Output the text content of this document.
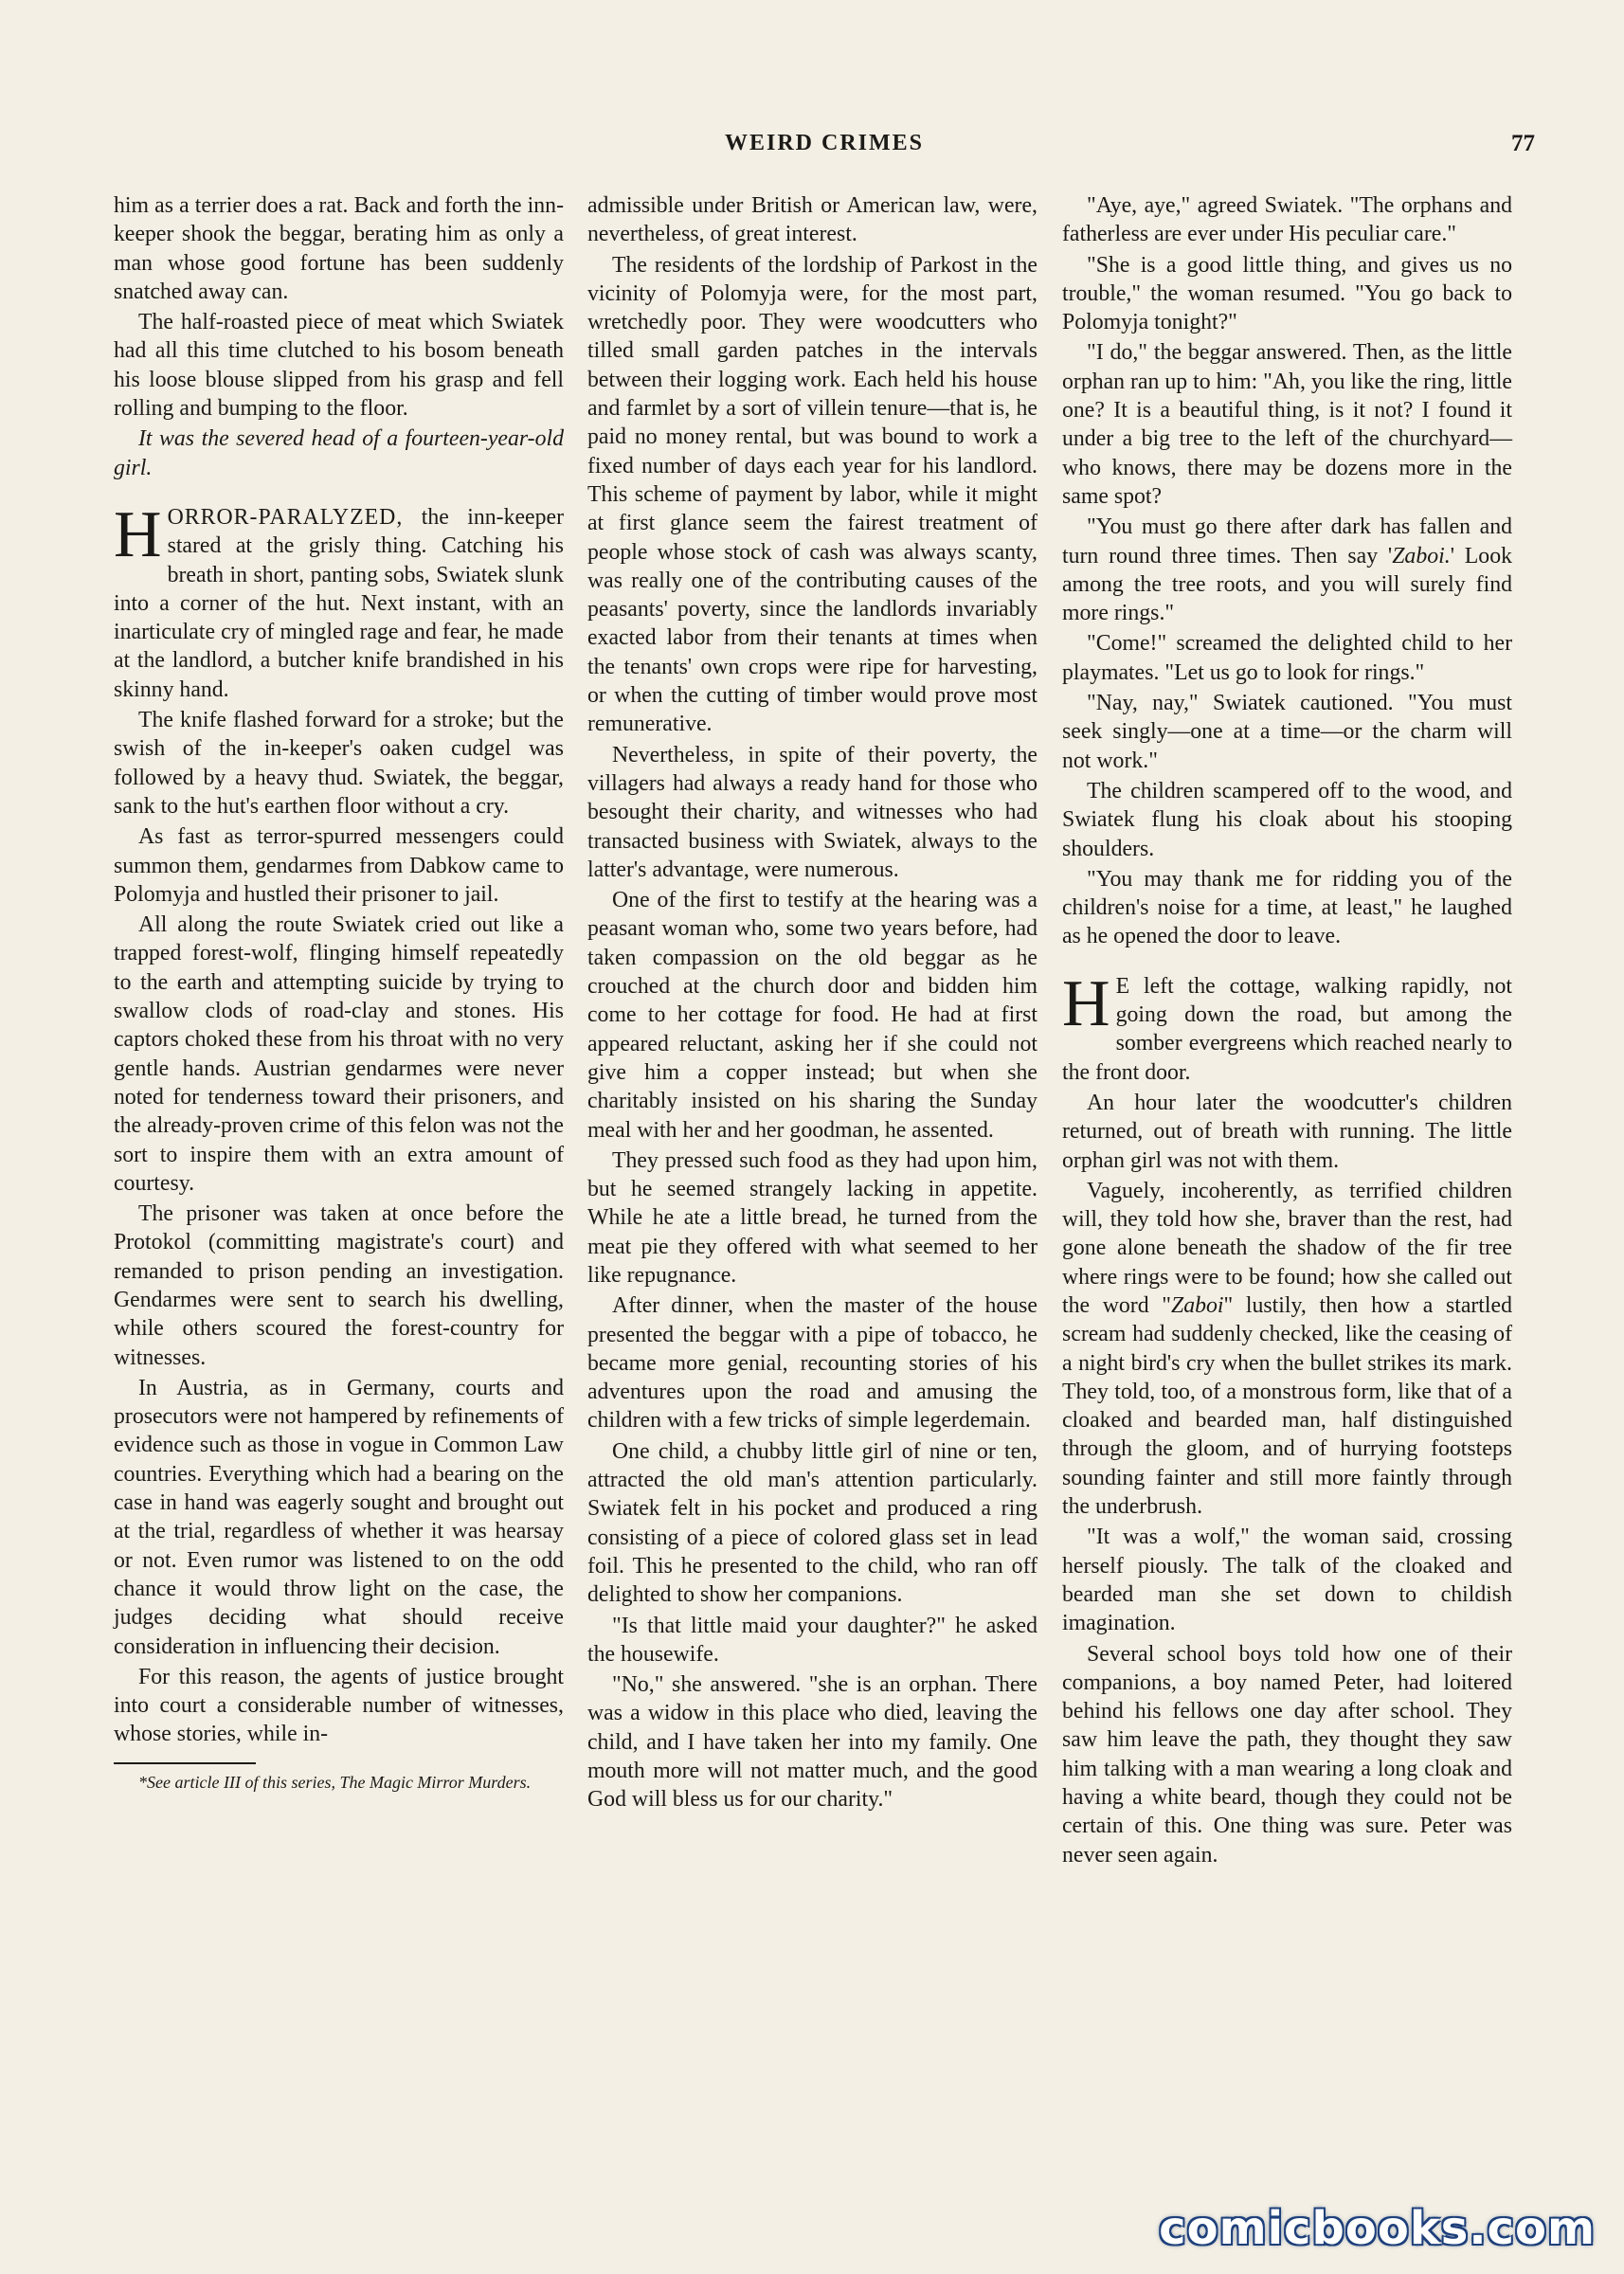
WEIRD CRIMES	77

him as a terrier does a rat. Back and forth the inn-keeper shook the beggar, berating him as only a man whose good fortune has been suddenly snatched away can.

The half-roasted piece of meat which Swiatek had all this time clutched to his bosom beneath his loose blouse slipped from his grasp and fell rolling and bumping to the floor.

It was the severed head of a fourteen-year-old girl.

HORROR-PARALYZED, the inn-keeper stared at the grisly thing. Catching his breath in short, panting sobs, Swiatek slunk into a corner of the hut. Next instant, with an inarticulate cry of mingled rage and fear, he made at the landlord, a butcher knife brandished in his skinny hand.

The knife flashed forward for a stroke; but the swish of the in-keeper's oaken cudgel was followed by a heavy thud. Swiatek, the beggar, sank to the hut's earthen floor without a cry.

As fast as terror-spurred messengers could summon them, gendarmes from Dabkow came to Polomyja and hustled their prisoner to jail.

All along the route Swiatek cried out like a trapped forest-wolf, flinging himself repeatedly to the earth and attempting suicide by trying to swallow clods of road-clay and stones. His captors choked these from his throat with no very gentle hands. Austrian gendarmes were never noted for tenderness toward their prisoners, and the already-proven crime of this felon was not the sort to inspire them with an extra amount of courtesy.

The prisoner was taken at once before the Protokol (committing magistrate's court) and remanded to prison pending an investigation. Gendarmes were sent to search his dwelling, while others scoured the forest-country for witnesses.

In Austria, as in Germany, courts and prosecutors were not hampered by refinements of evidence such as those in vogue in Common Law countries. Everything which had a bearing on the case in hand was eagerly sought and brought out at the trial, regardless of whether it was hearsay or not. Even rumor was listened to on the odd chance it would throw light on the case, the judges deciding what should receive consideration in influencing their decision.

For this reason, the agents of justice brought into court a considerable number of witnesses, whose stories, while in-

*See article III of this series, The Magic Mirror Murders.

admissible under British or American law, were, nevertheless, of great interest.

The residents of the lordship of Parkost in the vicinity of Polomyja were, for the most part, wretchedly poor. They were woodcutters who tilled small garden patches in the intervals between their logging work. Each held his house and farmlet by a sort of villein tenure—that is, he paid no money rental, but was bound to work a fixed number of days each year for his landlord. This scheme of payment by labor, while it might at first glance seem the fairest treatment of people whose stock of cash was always scanty, was really one of the contributing causes of the peasants' poverty, since the landlords invariably exacted labor from their tenants at times when the tenants' own crops were ripe for harvesting, or when the cutting of timber would prove most remunerative.

Nevertheless, in spite of their poverty, the villagers had always a ready hand for those who besought their charity, and witnesses who had transacted business with Swiatek, always to the latter's advantage, were numerous.

One of the first to testify at the hearing was a peasant woman who, some two years before, had taken compassion on the old beggar as he crouched at the church door and bidden him come to her cottage for food. He had at first appeared reluctant, asking her if she could not give him a copper instead; but when she charitably insisted on his sharing the Sunday meal with her and her goodman, he assented.

They pressed such food as they had upon him, but he seemed strangely lacking in appetite. While he ate a little bread, he turned from the meat pie they offered with what seemed to her like repugnance.

After dinner, when the master of the house presented the beggar with a pipe of tobacco, he became more genial, recounting stories of his adventures upon the road and amusing the children with a few tricks of simple legerdemain.

One child, a chubby little girl of nine or ten, attracted the old man's attention particularly. Swiatek felt in his pocket and produced a ring consisting of a piece of colored glass set in lead foil. This he presented to the child, who ran off delighted to show her companions.

"Is that little maid your daughter?" he asked the housewife.

"No," she answered. "she is an orphan. There was a widow in this place who died, leaving the child, and I have taken her into my family. One mouth more will not matter much, and the good God will bless us for our charity."

"Aye, aye," agreed Swiatek. "The orphans and fatherless are ever under His peculiar care."

"She is a good little thing, and gives us no trouble," the woman resumed. "You go back to Polomyja tonight?"

"I do," the beggar answered. Then, as the little orphan ran up to him: "Ah, you like the ring, little one? It is a beautiful thing, is it not? I found it under a big tree to the left of the churchyard—who knows, there may be dozens more in the same spot?

"You must go there after dark has fallen and turn round three times. Then say 'Zaboi.' Look among the tree roots, and you will surely find more rings."

"Come!" screamed the delighted child to her playmates. "Let us go to look for rings."

"Nay, nay," Swiatek cautioned. "You must seek singly—one at a time—or the charm will not work."

The children scampered off to the wood, and Swiatek flung his cloak about his stooping shoulders.

"You may thank me for ridding you of the children's noise for a time, at least," he laughed as he opened the door to leave.

H E left the cottage, walking rapidly, not going down the road, but among the somber evergreens which reached nearly to the front door.

An hour later the woodcutter's children returned, out of breath with running. The little orphan girl was not with them.

Vaguely, incoherently, as terrified children will, they told how she, braver than the rest, had gone alone beneath the shadow of the fir tree where rings were to be found; how she called out the word "Zaboi" lustily, then how a startled scream had suddenly checked, like the ceasing of a night bird's cry when the bullet strikes its mark. They told, too, of a monstrous form, like that of a cloaked and bearded man, half distinguished through the gloom, and of hurrying footsteps sounding fainter and still more faintly through the underbrush.

"It was a wolf," the woman said, crossing herself piously. The talk of the cloaked and bearded man she set down to childish imagination.

Several school boys told how one of their companions, a boy named Peter, had loitered behind his fellows one day after school. They saw him leave the path, they thought they saw him talking with a man wearing a long cloak and having a white beard, though they could not be certain of this. One thing was sure. Peter was never seen again.

comicbooks.com
